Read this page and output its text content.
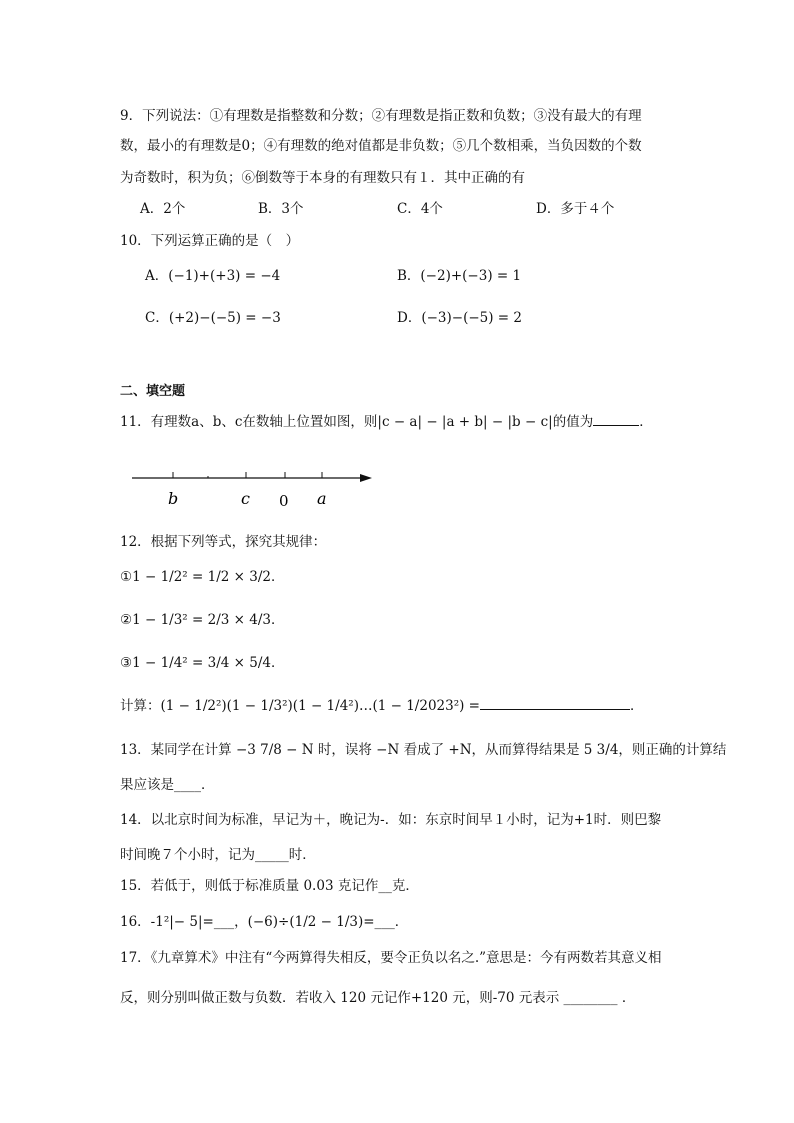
9．下列说法：①有理数是指整数和分数；②有理数是指正数和负数；③没有最大的有理
数，最小的有理数是0；④有理数的绝对值都是非负数；⑤几个数相乘，当负因数的个数
为奇数时，积为负；⑥倒数等于本身的有理数只有１．其中正确的有
A．2个	B．3个	C．4个	D．多于４个
10．下列运算正确的是（　）
A．(−1)+(+3) = −4	B．(−2)+(−3) = 1
C．(+2)−(−5) = −3	D．(−3)−(−5) = 2
二、填空题
11．有理数a、b、c在数轴上位置如图，则|c − a| − |a + b| − |b − c|的值为	．
b	c 0 a
12．根据下列等式，探究其规律：
①1 − 1/2² = 1/2 × 3/2．
②1 − 1/3² = 2/3 × 4/3．
③1 − 1/4² = 3/4 × 5/4．
计算：(1 − 1/2²)(1 − 1/3²)(1 − 1/4²)…(1 − 1/2023²) =	．
13．某同学在计算 −3 7/8 − N 时，误将 −N 看成了 +N，从而算得结果是 5 3/4，则正确的计算结
果应该是____．
14．以北京时间为标准，早记为＋，晚记为-．如：东京时间早１小时，记为+1时．则巴黎
时间晚７个小时，记为_____时．
15．若低于，则低于标准质量 0.03 克记作__克．
16．-1²|− 5|=___，(−6)÷(1/2 − 1/3)=___．
17．《九章算术》中注有“今两算得失相反，要令正负以名之.”意思是：今有两数若其意义相
反，则分别叫做正数与负数．若收入 120 元记作+120 元，则-70 元表示 ________ ．
